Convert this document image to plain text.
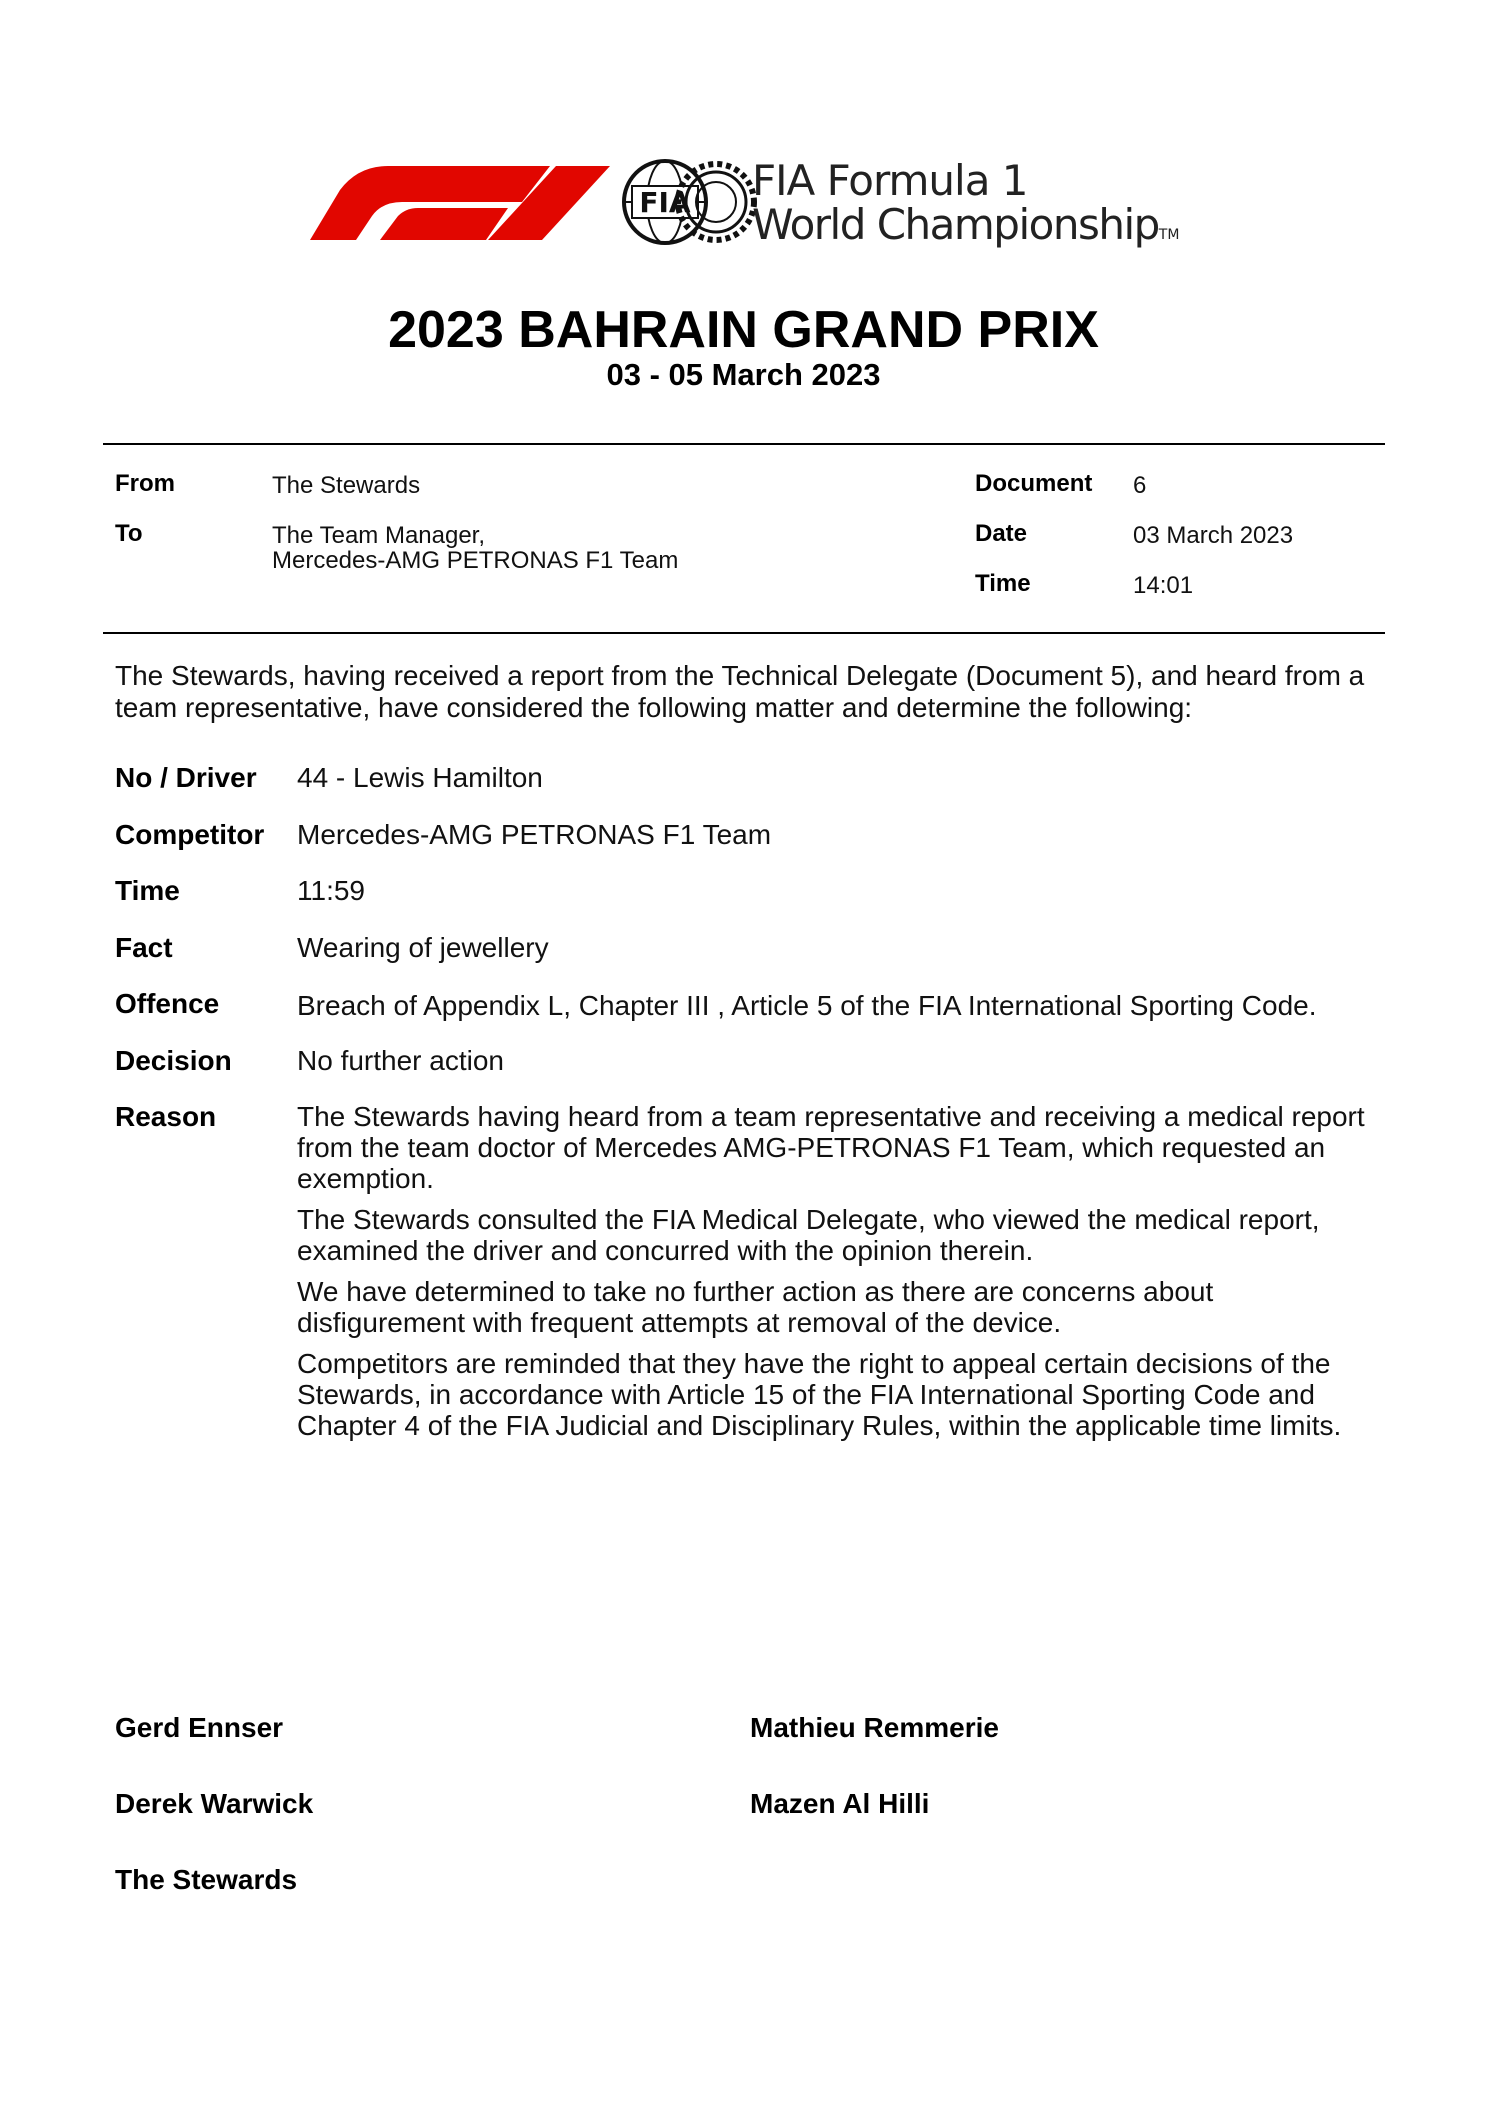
FIA FIA Formula 1
World ChampionshipTM
2023 BAHRAIN GRAND PRIX
03 - 05 March 2023
From	The Stewards
To	The Team Manager,
Mercedes-AMG PETRONAS F1 Team
Document 6
Date	03 March 2023
Time	14:01
The Stewards, having received a report from the Technical Delegate (Document 5), and heard from a team representative, have considered the following matter and determine the following:
No / Driver 44 - Lewis Hamilton
Competitor Mercedes-AMG PETRONAS F1 Team
Time	11:59
Fact	Wearing of jewellery
Offence	Breach of Appendix L, Chapter III , Article 5 of the FIA International Sporting Code.
Decision No further action
Reason	The Stewards having heard from a team representative and receiving a medical report from the team doctor of Mercedes AMG-PETRONAS F1 Team, which requested an exemption.

The Stewards consulted the FIA Medical Delegate, who viewed the medical report, examined the driver and concurred with the opinion therein.

We have determined to take no further action as there are concerns about disfigurement with frequent attempts at removal of the device.

Competitors are reminded that they have the right to appeal certain decisions of the Stewards, in accordance with Article 15 of the FIA International Sporting Code and Chapter 4 of the FIA Judicial and Disciplinary Rules, within the applicable time limits.

Gerd Ennser	Mathieu Remmerie
Derek Warwick	Mazen Al Hilli
The Stewards
